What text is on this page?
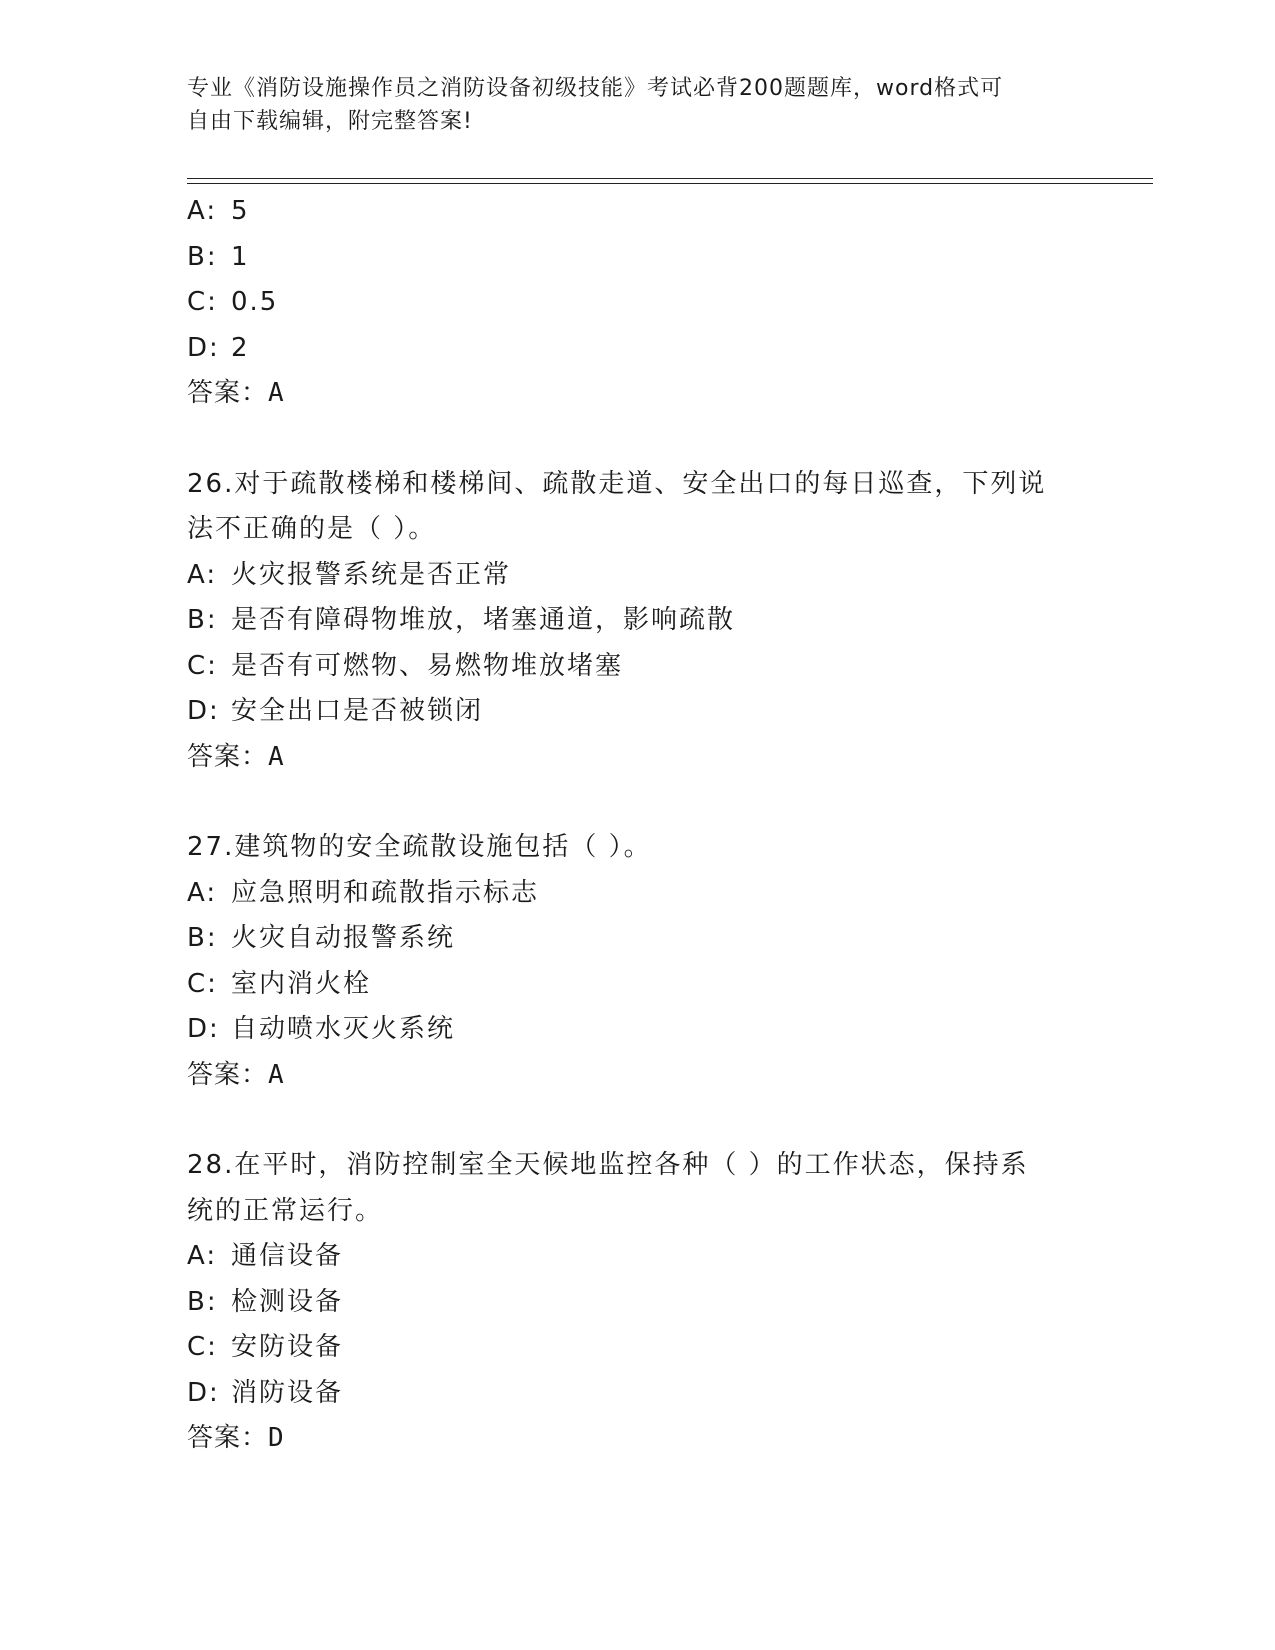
专业《消防设施操作员之消防设备初级技能》考试必背200题题库，word格式可
自由下载编辑，附完整答案!
A: 5
B: 1
C: 0.5
D: 2
答案：A
26.对于疏散楼梯和楼梯间、疏散走道、安全出口的每日巡查，下列说
法不正确的是（ ）。
A: 火灾报警系统是否正常
B: 是否有障碍物堆放，堵塞通道，影响疏散
C: 是否有可燃物、易燃物堆放堵塞
D: 安全出口是否被锁闭
答案：A
27.建筑物的安全疏散设施包括（ ）。
A: 应急照明和疏散指示标志
B: 火灾自动报警系统
C: 室内消火栓
D: 自动喷水灭火系统
答案：A
28.在平时，消防控制室全天候地监控各种（ ）的工作状态，保持系
统的正常运行。
A: 通信设备
B: 检测设备
C: 安防设备
D: 消防设备
答案：D
